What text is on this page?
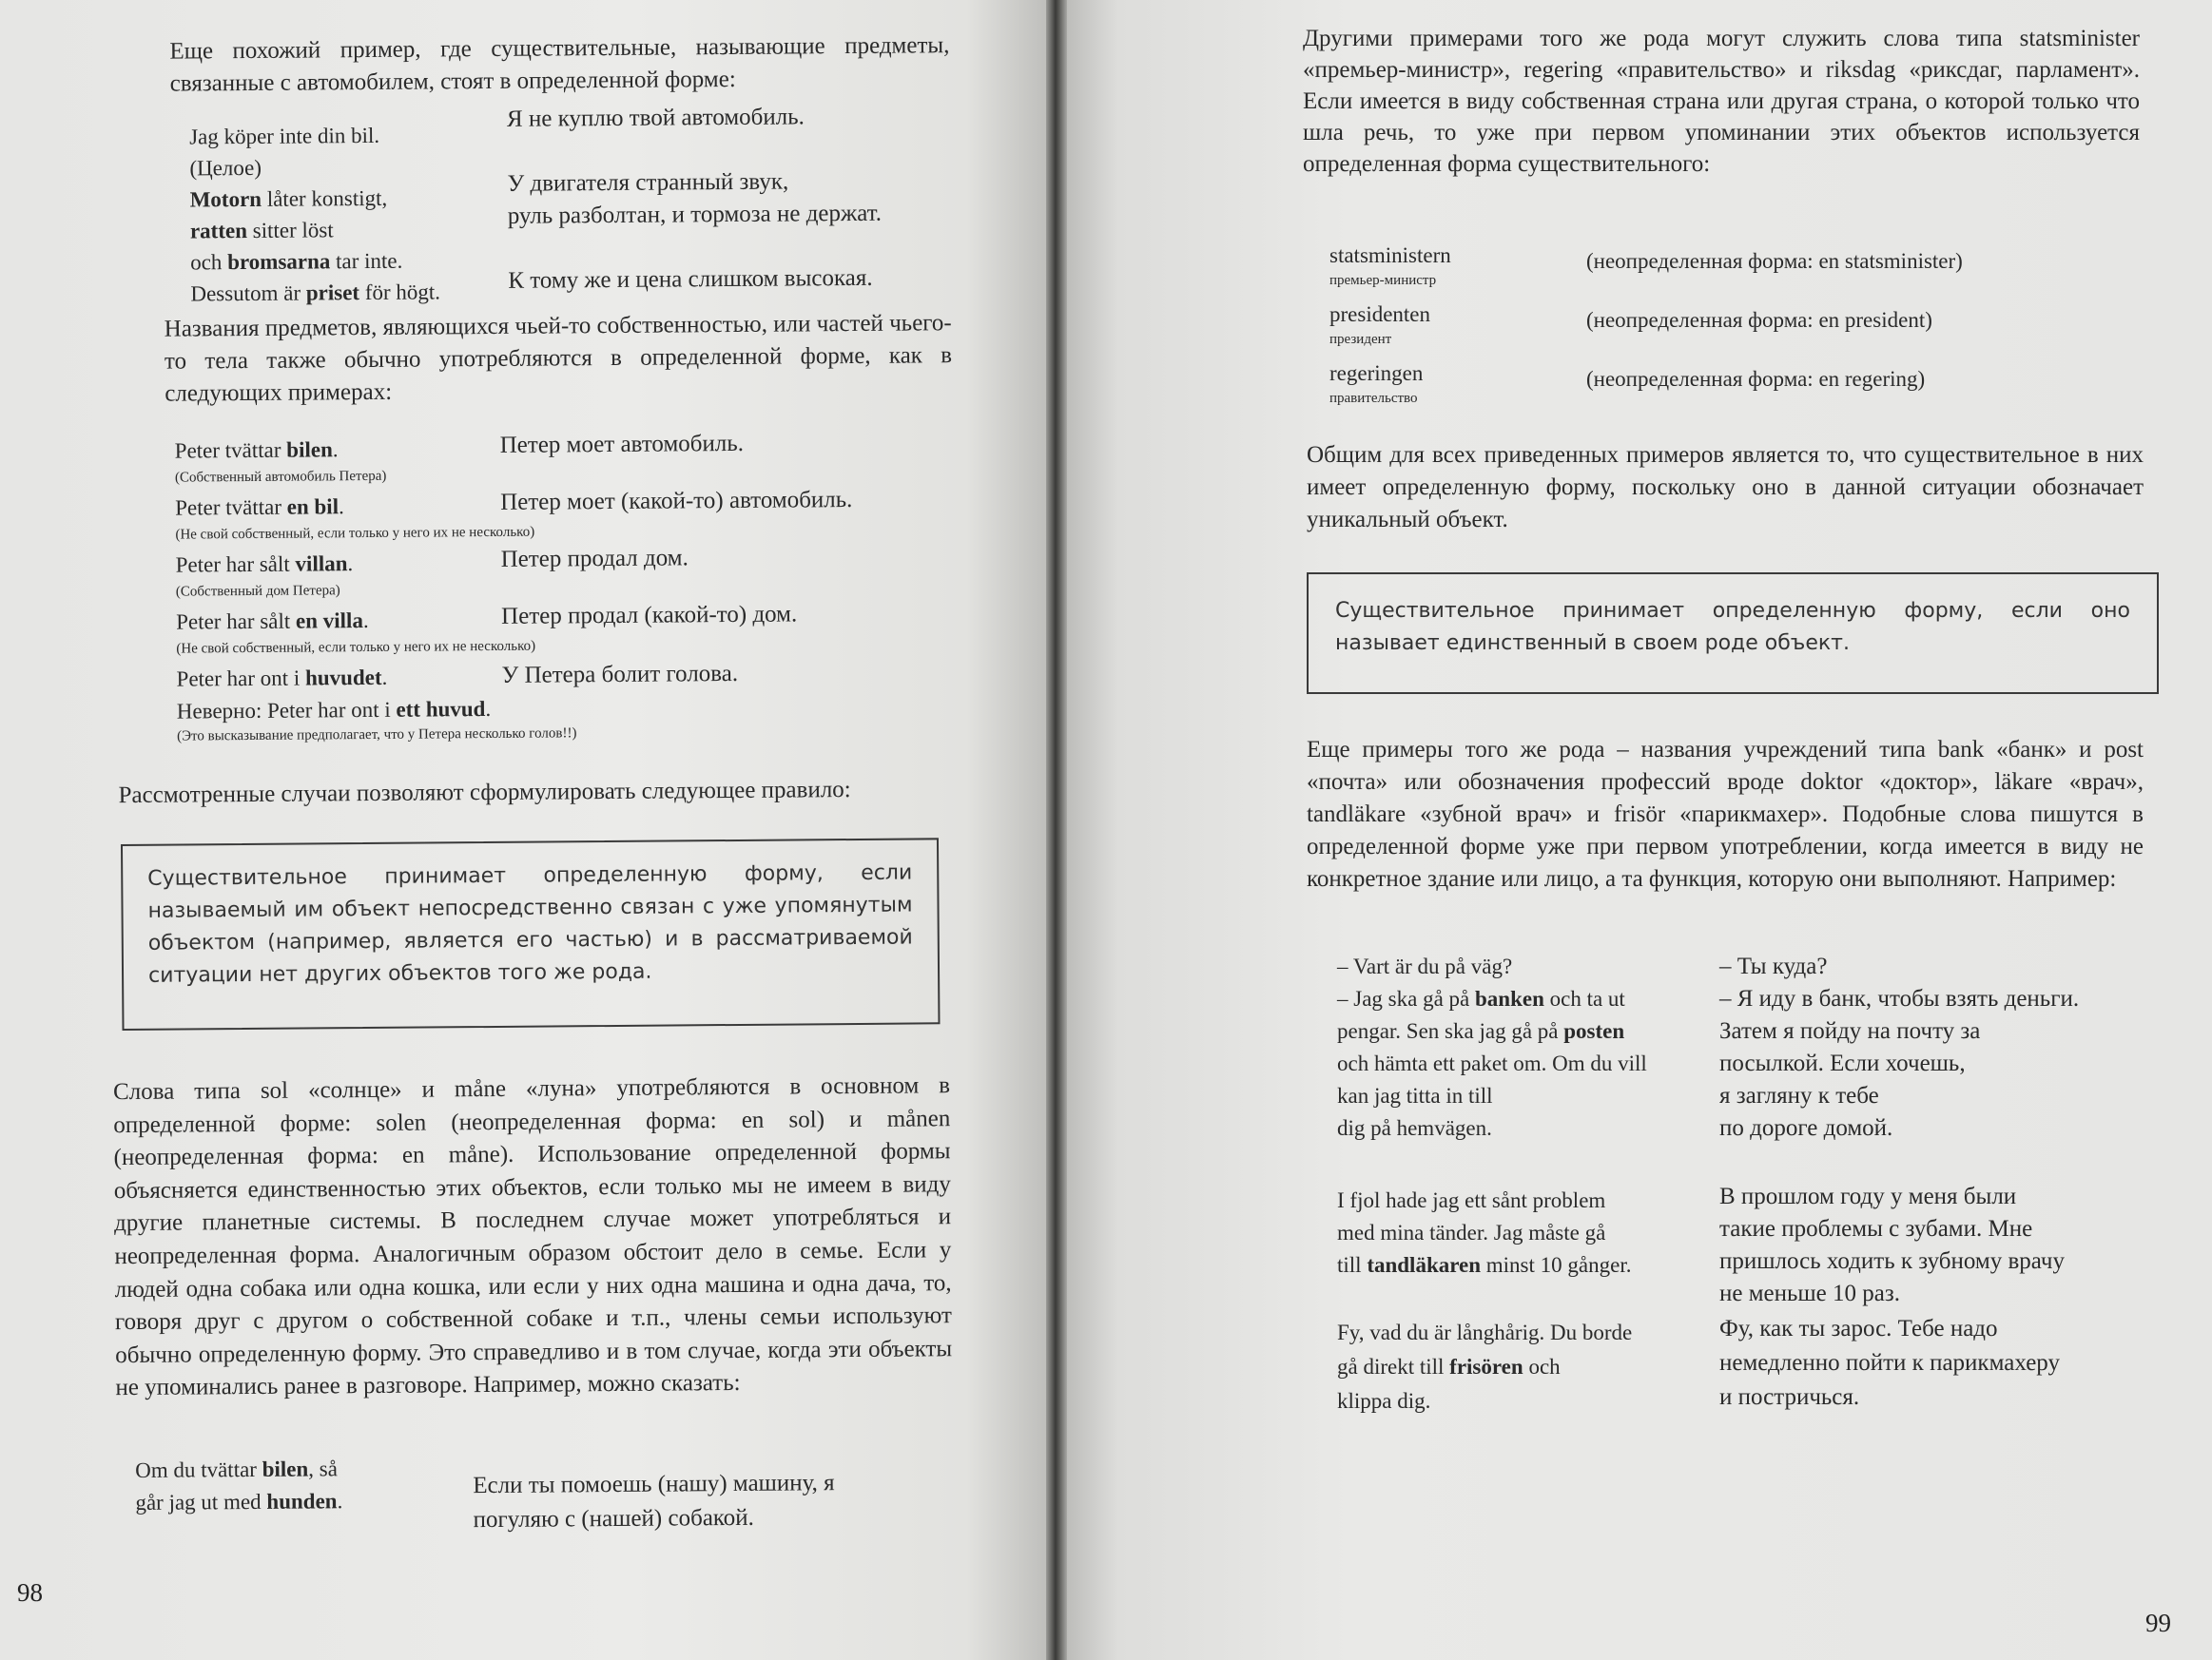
Еще похожий пример, где существительные, называющие предметы, связанные с автомобилем, стоят в определенной форме:

Jag köper inte din bil.
(Целое)
Motorn låter konstigt,
ratten sitter löst
och bromsarna tar inte.
Dessutom är priset för högt.
Я не куплю твой автомобиль.
У двигателя странный звук,
руль разболтан, и тормоза не держат.
К тому же и цена слишком высокая.

Названия предметов, являющихся чьей-то собственностью, или частей чьего-то тела также обычно употребляются в определенной форме, как в следующих примерах:

Peter tvättar bilen.
(Собственный автомобиль Петера)
Петер моет автомобиль.
Peter tvättar en bil.
(Не свой собственный, если только у него их не несколько)
Петер моет (какой-то) автомобиль.
Peter har sålt villan.
(Собственный дом Петера)
Петер продал дом.
Peter har sålt en villa.
(Не свой собственный, если только у него их не несколько)
Петер продал (какой-то) дом.
Peter har ont i huvudet.	У Петера болит голова.
Неверно: Peter har ont i ett huvud.
(Это высказывание предполагает, что у Петера несколько голов!!)

Рассмотренные случаи позволяют сформулировать следующее правило:

Существительное принимает определенную форму, если называемый им объект непосредственно связан с уже упомянутым объектом (например, является его частью) и в рассматриваемой ситуации нет других объектов того же рода.

Слова типа sol «солнце» и måne «луна» употребляются в основном в определенной форме: solen (неопределенная форма: en sol) и månen (неопределенная форма: en måne). Использование определенной формы объясняется единственностью этих объектов, если только мы не имеем в виду другие планетные системы. В последнем случае может употребляться и неопределенная форма. Аналогичным образом обстоит дело в семье. Если у людей одна собака или одна кошка, или если у них одна машина и одна дача, то, говоря друг с другом о собственной собаке и т.п., члены семьи используют обычно определенную форму. Это справедливо и в том случае, когда эти объекты не упоминались ранее в разговоре. Например, можно сказать:

Om du tvättar bilen, så
går jag ut med hunden.
Если ты помоешь (нашу) машину, я
погуляю с (нашей) собакой.
98

Другими примерами того же рода могут служить слова типа statsminister «премьер-министр», regering «правительство» и riksdag «риксдаг, парламент». Если имеется в виду собственная страна или другая страна, о которой только что шла речь, то уже при первом упоминании этих объектов используется определенная форма существительного:

statsministern
премьер-министр
(неопределенная форма: en statsminister)
presidenten
президент
(неопределенная форма: en president)
regeringen
правительство
(неопределенная форма: en regering)

Общим для всех приведенных примеров является то, что существительное в них имеет определенную форму, поскольку оно в данной ситуации обозначает уникальный объект.

Существительное принимает определенную форму, если оно называет единственный в своем роде объект.

Еще примеры того же рода – названия учреждений типа bank «банк» и post «почта» или обозначения профессий вроде doktor «доктор», läkare «врач», tandläkare «зубной врач» и frisör «парикмахер». Подобные слова пишутся в определенной форме уже при первом употреблении, когда имеется в виду не конкретное здание или лицо, а та функция, которую они выполняют. Например:

– Vart är du på väg?
– Jag ska gå på banken och ta ut
pengar. Sen ska jag gå på posten
och hämta ett paket om. Om du vill
kan jag titta in till
dig på hemvägen.
– Ты куда?
– Я иду в банк, чтобы взять деньги.
Затем я пойду на почту за
посылкой. Если хочешь,
я загляну к тебе
по дороге домой.
I fjol hade jag ett sånt problem
med mina tänder. Jag måste gå
till tandläkaren minst 10 gånger.
В прошлом году у меня были
такие проблемы с зубами. Мне
пришлось ходить к зубному врачу
не меньше 10 раз.
Fy, vad du är långhårig. Du borde
gå direkt till frisören och
klippa dig.
Фу, как ты зарос. Тебе надо
немедленно пойти к парикмахеру
и постричься.
99
